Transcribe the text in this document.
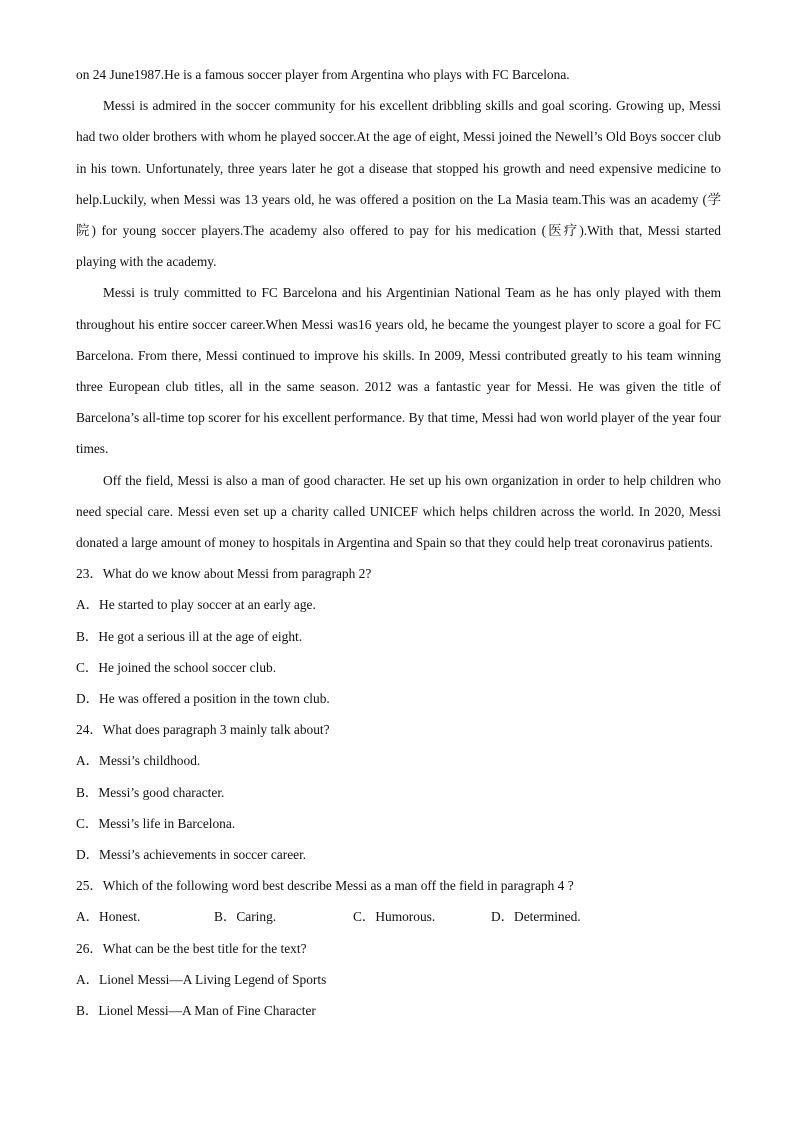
on 24 June1987.He is a famous soccer player from Argentina who plays with FC Barcelona.

Messi is admired in the soccer community for his excellent dribbling skills and goal scoring. Growing up, Messi had two older brothers with whom he played soccer.At the age of eight, Messi joined the Newell’s Old Boys soccer club in his town. Unfortunately, three years later he got a disease that stopped his growth and need expensive medicine to help.Luckily, when Messi was 13 years old, he was offered a position on the La Masia team.This was an academy (学院) for young soccer players.The academy also offered to pay for his medication (医疗).With that, Messi started playing with the academy.

Messi is truly committed to FC Barcelona and his Argentinian National Team as he has only played with them throughout his entire soccer career.When Messi was16 years old, he became the youngest player to score a goal for FC Barcelona. From there, Messi continued to improve his skills. In 2009, Messi contributed greatly to his team winning three European club titles, all in the same season. 2012 was a fantastic year for Messi. He was given the title of Barcelona’s all-time top scorer for his excellent performance. By that time, Messi had won world player of the year four times.

Off the field, Messi is also a man of good character. He set up his own organization in order to help children who need special care. Messi even set up a charity called UNICEF which helps children across the world. In 2020, Messi donated a large amount of money to hospitals in Argentina and Spain so that they could help treat coronavirus patients.

23．What do we know about Messi from paragraph 2?

A．He started to play soccer at an early age.

B．He got a serious ill at the age of eight.

C．He joined the school soccer club.

D．He was offered a position in the town club.

24．What does paragraph 3 mainly talk about?

A．Messi’s childhood.

B．Messi’s good character.

C．Messi’s life in Barcelona.

D．Messi’s achievements in soccer career.

25．Which of the following word best describe Messi as a man off the field in paragraph 4 ?

A．Honest.	B．Caring.	C．Humorous.	D．Determined.

26．What can be the best title for the text?

A．Lionel Messi—A Living Legend of Sports

B．Lionel Messi—A Man of Fine Character
